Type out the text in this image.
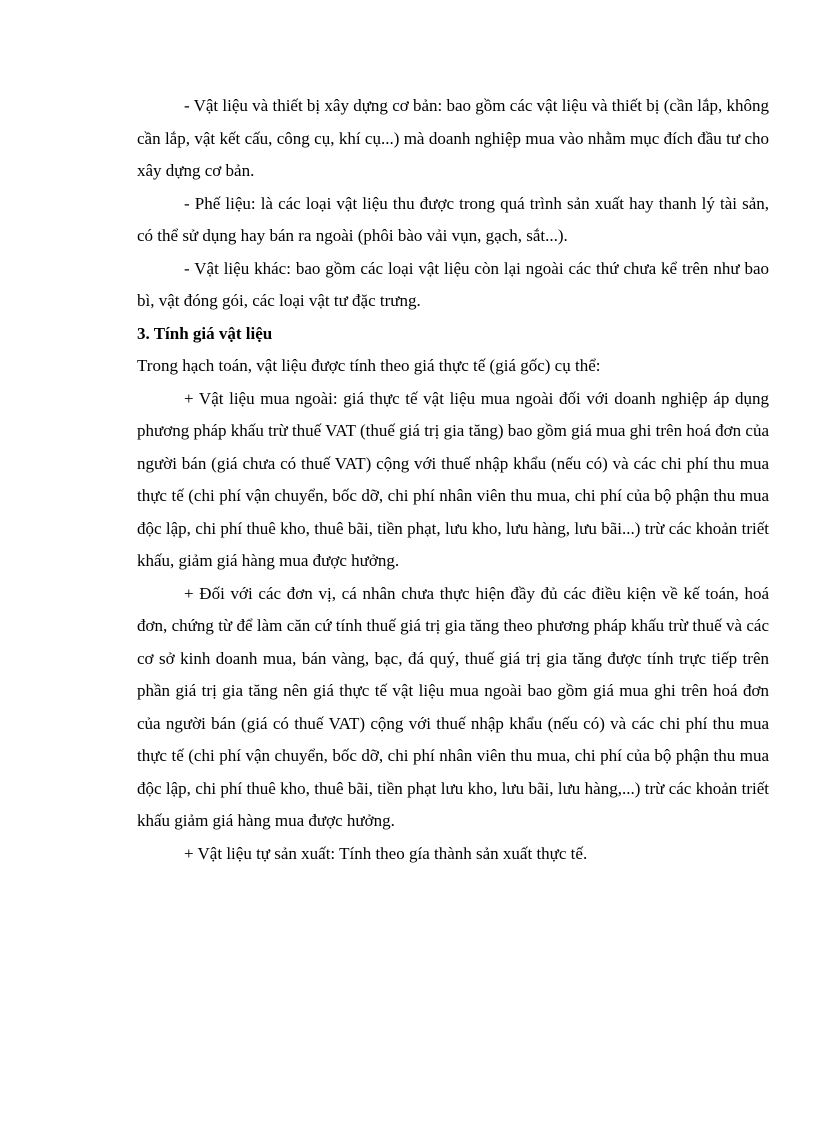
- Vật liệu và thiết bị xây dựng cơ bản: bao gồm các vật liệu và thiết bị (cần lắp, không cần lắp, vật kết cấu, công cụ, khí cụ...) mà doanh nghiệp mua vào nhằm mục đích đầu tư cho xây dựng cơ bản.

- Phế liệu: là các loại vật liệu thu được trong quá trình sản xuất hay thanh lý tài sản, có thể sử dụng hay bán ra ngoài (phôi bào vải vụn, gạch, sắt...).

- Vật liệu khác: bao gồm các loại vật liệu còn lại ngoài các thứ chưa kể trên như bao bì, vật đóng gói, các loại vật tư đặc trưng.

3. Tính giá vật liệu

Trong hạch toán, vật liệu được tính theo giá thực tế (giá gốc) cụ thể:

+ Vật liệu mua ngoài: giá thực tế vật liệu mua ngoài đối với doanh nghiệp áp dụng phương pháp khấu trừ thuế VAT (thuế giá trị gia tăng) bao gồm giá mua ghi trên hoá đơn của người bán (giá chưa có thuế VAT) cộng với thuế nhập khẩu (nếu có) và các chi phí thu mua thực tế (chi phí vận chuyển, bốc dỡ, chi phí nhân viên thu mua, chi phí của bộ phận thu mua độc lập, chi phí thuê kho, thuê bãi, tiền phạt, lưu kho, lưu hàng, lưu bãi...) trừ các khoản triết khấu, giảm giá hàng mua được hưởng.

+ Đối với các đơn vị, cá nhân chưa thực hiện đầy đủ các điều kiện về kế toán, hoá đơn, chứng từ để làm căn cứ tính thuế giá trị gia tăng theo phương pháp khấu trừ thuế và các cơ sở kinh doanh mua, bán vàng, bạc, đá quý, thuế giá trị gia tăng được tính trực tiếp trên phần giá trị gia tăng nên giá thực tế vật liệu mua ngoài bao gồm giá mua ghi trên hoá đơn của người bán (giá có thuế VAT) cộng với thuế nhập khẩu (nếu có) và các chi phí thu mua thực tế (chi phí vận chuyển, bốc dỡ, chi phí nhân viên thu mua, chi phí của bộ phận thu mua độc lập, chi phí thuê kho, thuê bãi, tiền phạt lưu kho, lưu bãi, lưu hàng,...) trừ các khoản triết khấu giảm giá hàng mua được hưởng.

+ Vật liệu tự sản xuất: Tính theo gía thành sản xuất thực tế.
